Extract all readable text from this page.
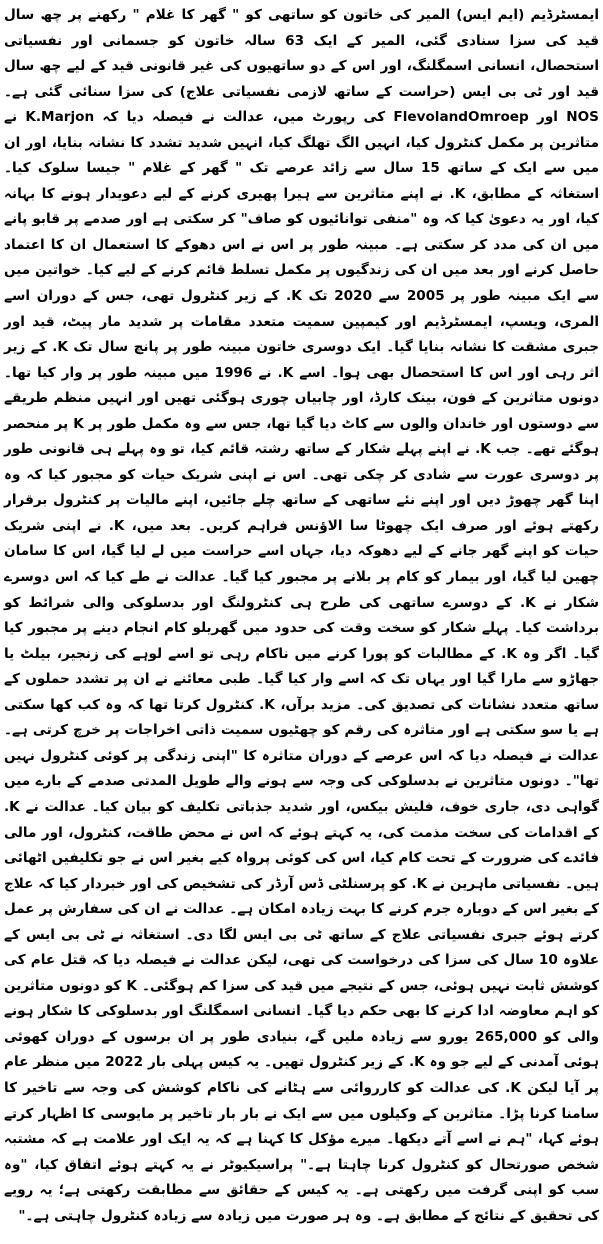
ایمسٹرڈیم (ایم ایس) المیر کی خاتون کو ساتھی کو " گھر کا غلام " رکھنے پر چھ سال قید کی سزا سنادی گئی، المیر کے ایک 63 سالہ خاتون کو جسمانی اور نفسیاتی استحصال، انسانی اسمگلنگ، اور اس کے دو ساتھیوں کی غیر قانونی قید کے لیے چھ سال قید اور ٹی بی ایس (حراست کے ساتھ لازمی نفسیاتی علاج) کی سزا سنائی گئی ہے۔ NOS اور FlevolandOmroep کی رپورٹ میں، عدالت نے فیصلہ دیا کہ K.Marjon نے متاثرین پر مکمل کنٹرول کیا، انہیں الگ تھلگ کیا، انہیں شدید تشدد کا نشانہ بنایا، اور ان میں سے ایک کے ساتھ 15 سال سے زائد عرصے تک " گھر کے غلام " جیسا سلوک کیا۔ استغاثہ کے مطابق، K. نے اپنے متاثرین سے ہیرا پھیری کرنے کے لیے دعویدار ہونے کا بہانہ کیا، اور یہ دعویٰ کیا کہ وہ "منفی توانائیوں کو صاف" کر سکتی ہے اور صدمے پر قابو پانے میں ان کی مدد کر سکتی ہے۔ مبینہ طور پر اس نے اس دھوکے کا استعمال ان کا اعتماد حاصل کرنے اور بعد میں ان کی زندگیوں پر مکمل تسلط قائم کرنے کے لیے کیا۔ خواتین میں سے ایک مبینہ طور پر 2005 سے 2020 تک K. کے زیر کنٹرول تھی، جس کے دوران اسے المری، ویسپ، ایمسٹرڈیم اور کیمپین سمیت متعدد مقامات پر شدید مار پیٹ، قید اور جبری مشقت کا نشانہ بنایا گیا۔ ایک دوسری خاتون مبینہ طور پر پانچ سال تک K. کے زیر اثر رہی اور اس کا استحصال بھی ہوا۔ اسے K. نے 1996 میں مبینہ طور پر وار کیا تھا۔ دونوں متاثرین کے فون، بینک کارڈ، اور چابیاں چوری ہوگئی تھیں اور انہیں منظم طریقے سے دوستوں اور خاندان والوں سے کاٹ دیا گیا تھا، جس سے وہ مکمل طور پر K پر منحصر ہوگئے تھے۔ جب K. نے اپنے پہلے شکار کے ساتھ رشتہ قائم کیا، تو وہ پہلے ہی قانونی طور پر دوسری عورت سے شادی کر چکی تھی۔ اس نے اپنی شریک حیات کو مجبور کیا کہ وہ اپنا گھر چھوڑ دیں اور اپنے نئے ساتھی کے ساتھ چلے جائیں، اپنے مالیات پر کنٹرول برقرار رکھتے ہوئے اور صرف ایک چھوٹا سا الاؤنس فراہم کریں۔ بعد میں، K. نے اپنی شریک حیات کو اپنے گھر جانے کے لیے دھوکہ دیا، جہاں اسے حراست میں لے لیا گیا، اس کا سامان چھین لیا گیا، اور بیمار کو کام پر بلانے پر مجبور کیا گیا۔ عدالت نے طے کیا کہ اس دوسرے شکار نے K. کے دوسرے ساتھی کی طرح ہی کنٹرولنگ اور بدسلوکی والی شرائط کو برداشت کیا۔ پہلے شکار کو سخت وقت کی حدود میں گھریلو کام انجام دینے پر مجبور کیا گیا۔ اگر وہ K. کے مطالبات کو پورا کرنے میں ناکام رہی تو اسے لوہے کی زنجیر، بیلٹ یا جھاڑو سے مارا گیا اور یہاں تک کہ اسے وار کیا گیا۔ طبی معائنے نے ان پر تشدد حملوں کے ساتھ متعدد نشانات کی تصدیق کی۔ مزید برآں، K. کنٹرول کرتا تھا کہ وہ کب کھا سکتی ہے یا سو سکتی ہے اور متاثرہ کی رقم کو چھٹیوں سمیت ذاتی اخراجات پر خرچ کرتی ہے۔ عدالت نے فیصلہ دیا کہ اس عرصے کے دوران متاثرہ کا "اپنی زندگی پر کوئی کنٹرول نہیں تھا"۔ دونوں متاثرین نے بدسلوکی کی وجہ سے ہونے والے طویل المدتی صدمے کے بارے میں گواہی دی، جاری خوف، فلیش بیکس، اور شدید جذباتی تکلیف کو بیان کیا۔ عدالت نے K. کے اقدامات کی سخت مذمت کی، یہ کہتے ہوئے کہ اس نے محض طاقت، کنٹرول، اور مالی فائدے کی ضرورت کے تحت کام کیا، اس کی کوئی پرواہ کیے بغیر اس نے جو تکلیفیں اٹھائی ہیں۔ نفسیاتی ماہرین نے K. کو پرسنلٹی ڈس آرڈر کی تشخیص کی اور خبردار کیا کہ علاج کے بغیر اس کے دوبارہ جرم کرنے کا بہت زیادہ امکان ہے۔ عدالت نے ان کی سفارش پر عمل کرتے ہوئے جبری نفسیاتی علاج کے ساتھ ٹی بی ایس لگا دی۔ استغاثہ نے ٹی بی ایس کے علاوہ 10 سال کی سزا کی درخواست کی تھی، لیکن عدالت نے فیصلہ دیا کہ قتل عام کی کوشش ثابت نہیں ہوئی، جس کے نتیجے میں قید کی سزا کم ہوگئی۔ K کو دونوں متاثرین کو اہم معاوضہ ادا کرنے کا بھی حکم دیا گیا۔ انسانی اسمگلنگ اور بدسلوکی کا شکار ہونے والی کو 265,000 یورو سے زیادہ ملیں گے، بنیادی طور پر ان برسوں کے دوران کھوئی ہوئی آمدنی کے لیے جو وہ K. کے زیر کنٹرول تھیں۔ یہ کیس پہلی بار 2022 میں منظر عام پر آیا لیکن K. کی عدالت کو کارروائی سے ہٹانے کی ناکام کوشش کی وجہ سے تاخیر کا سامنا کرنا پڑا۔ متاثرین کے وکیلوں میں سے ایک نے بار بار تاخیر پر مایوسی کا اظہار کرتے ہوئے کہا، "ہم نے اسے آتے دیکھا۔ میرے مؤکل کا کہنا ہے کہ یہ ایک اور علامت ہے کہ مشتبہ شخص صورتحال کو کنٹرول کرنا چاہتا ہے۔" پراسیکیوٹر نے یہ کہتے ہوئے اتفاق کیا، "وہ سب کو اپنی گرفت میں رکھتی ہے۔ یہ کیس کے حقائق سے مطابقت رکھتی ہے؛ یہ رویے کی تحقیق کے نتائج کے مطابق ہے۔ وہ ہر صورت میں زیادہ سے زیادہ کنٹرول چاہتی ہے۔"
